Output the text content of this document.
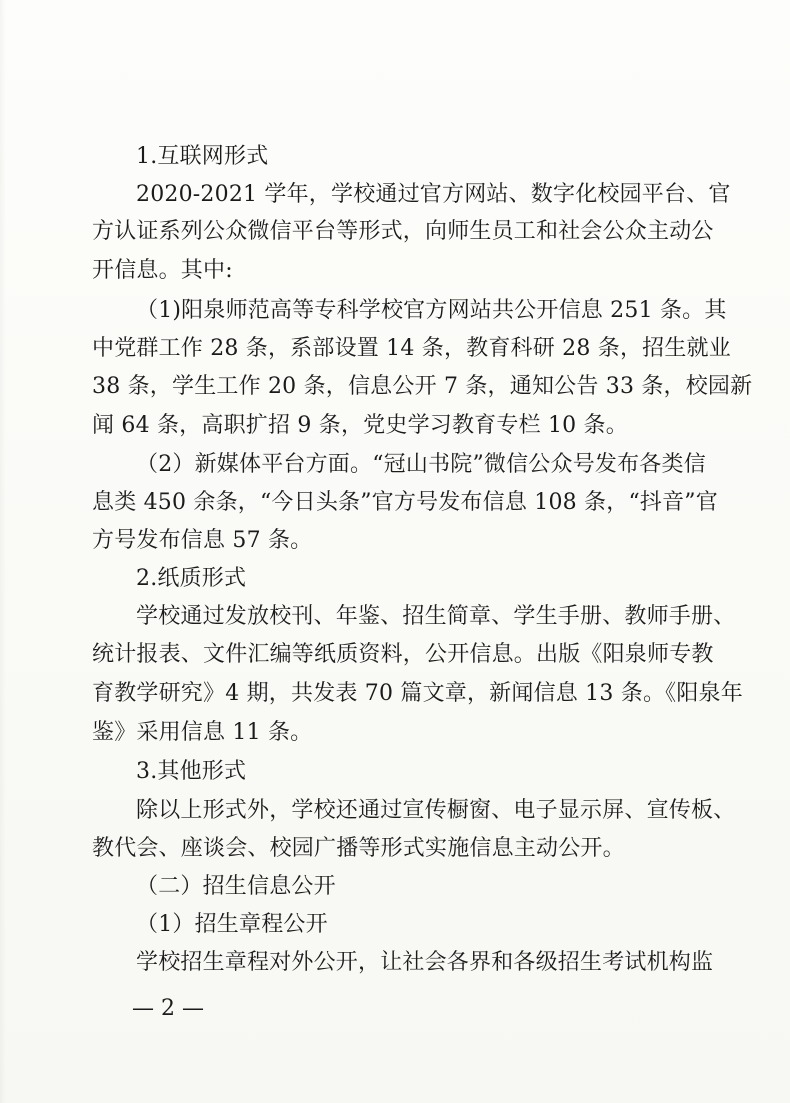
1.互联网形式
2020-2021 学年，学校通过官方网站、数字化校园平台、官
方认证系列公众微信平台等形式，向师生员工和社会公众主动公
开信息。其中:
（1)阳泉师范高等专科学校官方网站共公开信息 251 条。其
中党群工作 28 条，系部设置 14 条，教育科研 28 条，招生就业
38 条，学生工作 20 条，信息公开 7 条，通知公告 33 条，校园新
闻 64 条，高职扩招 9 条，党史学习教育专栏 10 条。
（2）新媒体平台方面。“冠山书院”微信公众号发布各类信
息类 450 余条，“今日头条”官方号发布信息 108 条，“抖音”官
方号发布信息 57 条。
2.纸质形式
学校通过发放校刊、年鉴、招生简章、学生手册、教师手册、
统计报表、文件汇编等纸质资料，公开信息。出版《阳泉师专教
育教学研究》4 期，共发表 70 篇文章，新闻信息 13 条。《阳泉年
鉴》采用信息 11 条。
3.其他形式
除以上形式外，学校还通过宣传橱窗、电子显示屏、宣传板、
教代会、座谈会、校园广播等形式实施信息主动公开。
（二）招生信息公开
（1）招生章程公开
学校招生章程对外公开，让社会各界和各级招生考试机构监
— 2 —
